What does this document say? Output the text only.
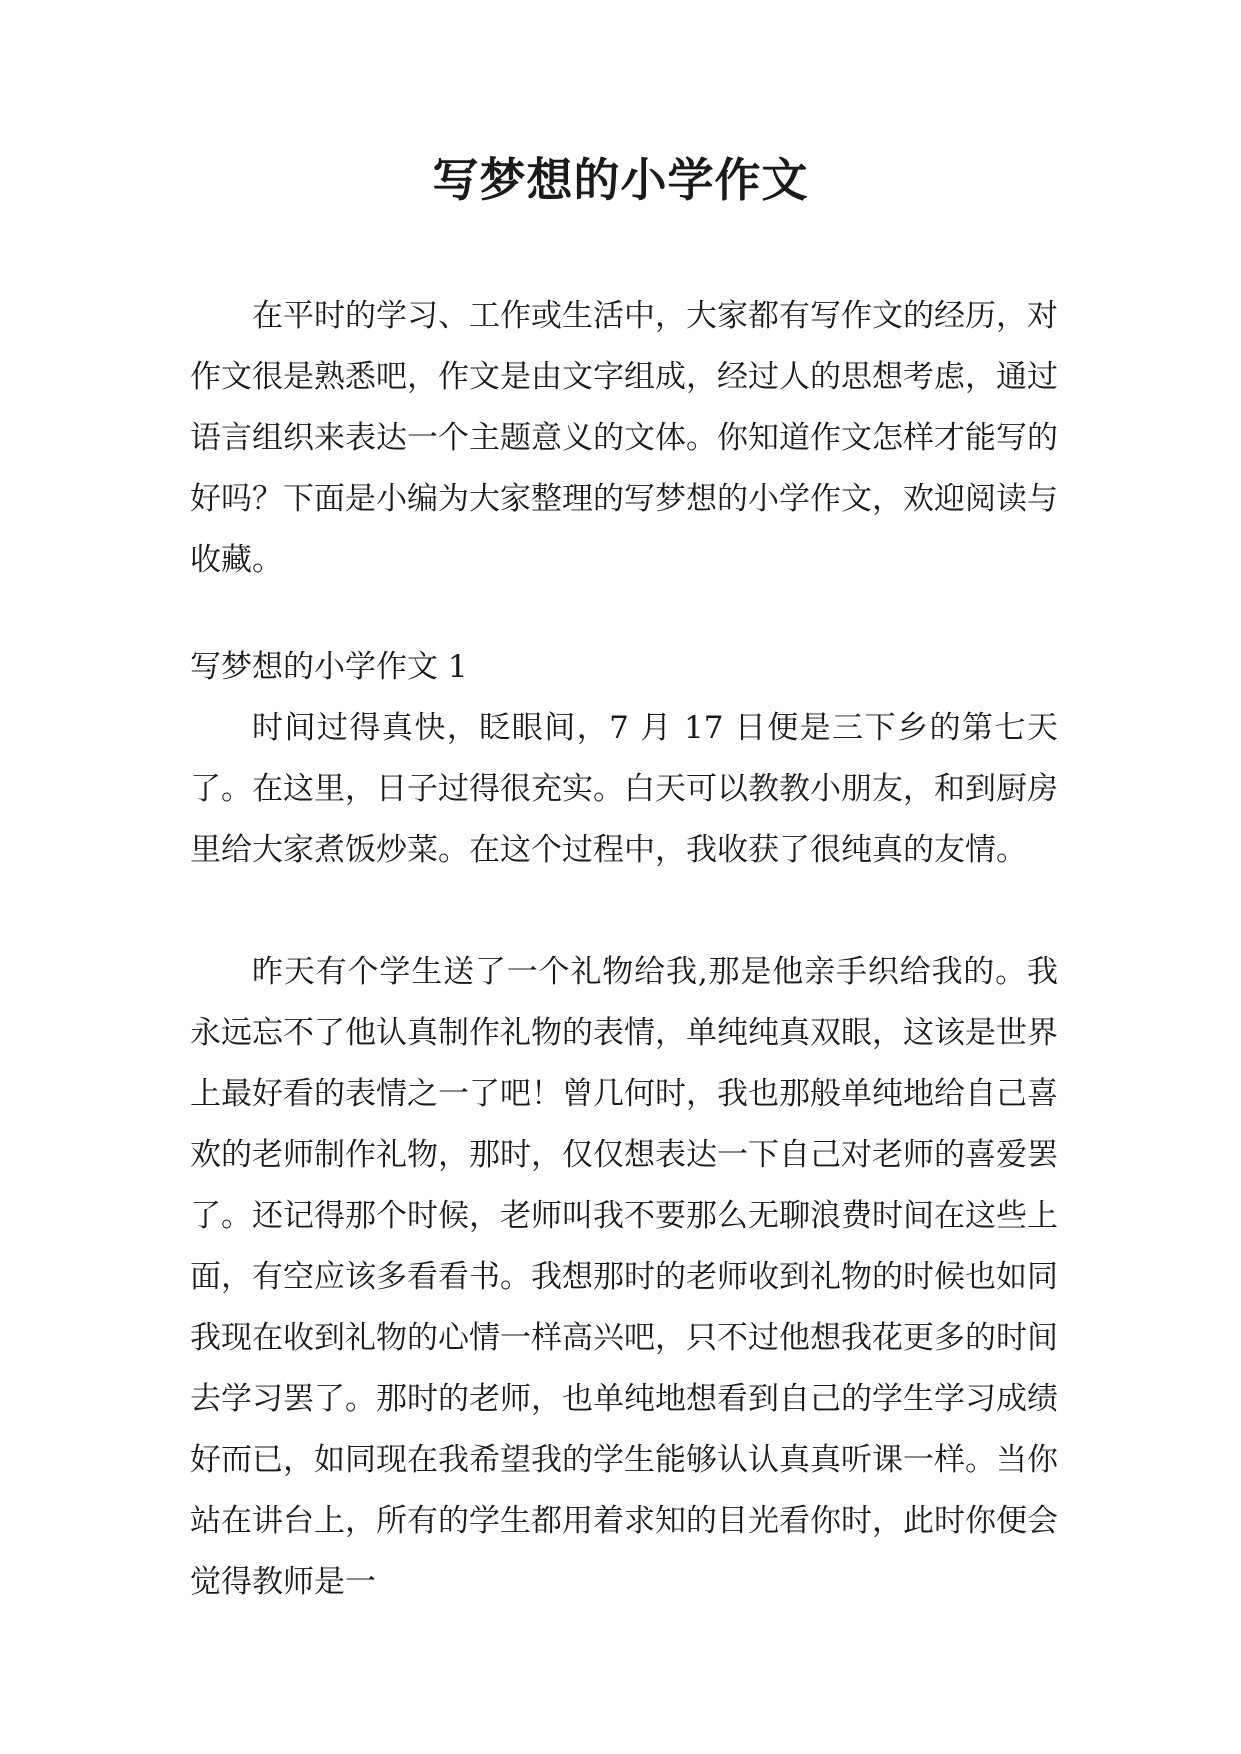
写梦想的小学作文

在平时的学习、工作或生活中，大家都有写作文的经历，对作文很是熟悉吧，作文是由文字组成，经过人的思想考虑，通过语言组织来表达一个主题意义的文体。你知道作文怎样才能写的好吗？下面是小编为大家整理的写梦想的小学作文，欢迎阅读与收藏。

写梦想的小学作文 1

时间过得真快，眨眼间，7 月 17 日便是三下乡的第七天了。在这里，日子过得很充实。白天可以教教小朋友，和到厨房里给大家煮饭炒菜。在这个过程中，我收获了很纯真的友情。

昨天有个学生送了一个礼物给我,那是他亲手织给我的。我永远忘不了他认真制作礼物的表情，单纯纯真双眼，这该是世界上最好看的表情之一了吧！曾几何时，我也那般单纯地给自己喜欢的老师制作礼物，那时，仅仅想表达一下自己对老师的喜爱罢了。还记得那个时候，老师叫我不要那么无聊浪费时间在这些上面，有空应该多看看书。我想那时的老师收到礼物的时候也如同我现在收到礼物的心情一样高兴吧，只不过他想我花更多的时间去学习罢了。那时的老师，也单纯地想看到自己的学生学习成绩好而已，如同现在我希望我的学生能够认认真真听课一样。当你站在讲台上，所有的学生都用着求知的目光看你时，此时你便会觉得教师是一
